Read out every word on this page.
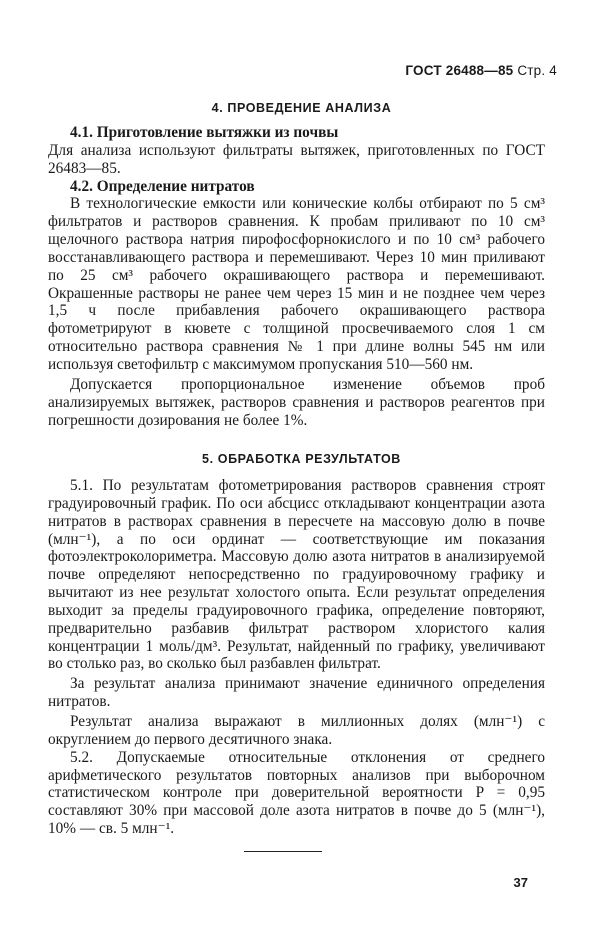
ГОСТ 26488—85 Стр. 4
4. ПРОВЕДЕНИЕ АНАЛИЗА

4.1. Приготовление вытяжки из почвы

Для анализа используют фильтраты вытяжек, приготовленных по ГОСТ 26483—85.

4.2. Определение нитратов

В технологические емкости или конические колбы отбирают по 5 см³ фильтратов и растворов сравнения. К пробам приливают по 10 см³ щелочного раствора натрия пирофосфорнокислого и по 10 см³ рабочего восстанавливающего раствора и перемешивают. Через 10 мин приливают по 25 см³ рабочего окрашивающего раствора и перемешивают. Окрашенные растворы не ранее чем через 15 мин и не позднее чем через 1,5 ч после прибавления рабочего окрашивающего раствора фотометрируют в кювете с толщиной просвечиваемого слоя 1 см относительно раствора сравнения № 1 при длине волны 545 нм или используя светофильтр с максимумом пропускания 510—560 нм.

Допускается пропорциональное изменение объемов проб анализируемых вытяжек, растворов сравнения и растворов реагентов при погрешности дозирования не более 1%.

5. ОБРАБОТКА РЕЗУЛЬТАТОВ

5.1. По результатам фотометрирования растворов сравнения строят градуировочный график. По оси абсцисс откладывают концентрации азота нитратов в растворах сравнения в пересчете на массовую долю в почве (млн⁻¹), а по оси ординат — соответствующие им показания фотоэлектроколориметра. Массовую долю азота нитратов в анализируемой почве определяют непосредственно по градуировочному графику и вычитают из нее результат холостого опыта. Если результат определения выходит за пределы градуировочного графика, определение повторяют, предварительно разбавив фильтрат раствором хлористого калия концентрации 1 моль/дм³. Результат, найденный по графику, увеличивают во столько раз, во сколько был разбавлен фильтрат.

За результат анализа принимают значение единичного определения нитратов.

Результат анализа выражают в миллионных долях (млн⁻¹) с округлением до первого десятичного знака.

5.2. Допускаемые относительные отклонения от среднего арифметического результатов повторных анализов при выборочном статистическом контроле при доверительной вероятности P = 0,95 составляют 30% при массовой доле азота нитратов в почве до 5 (млн⁻¹), 10% — св. 5 млн⁻¹.

37
